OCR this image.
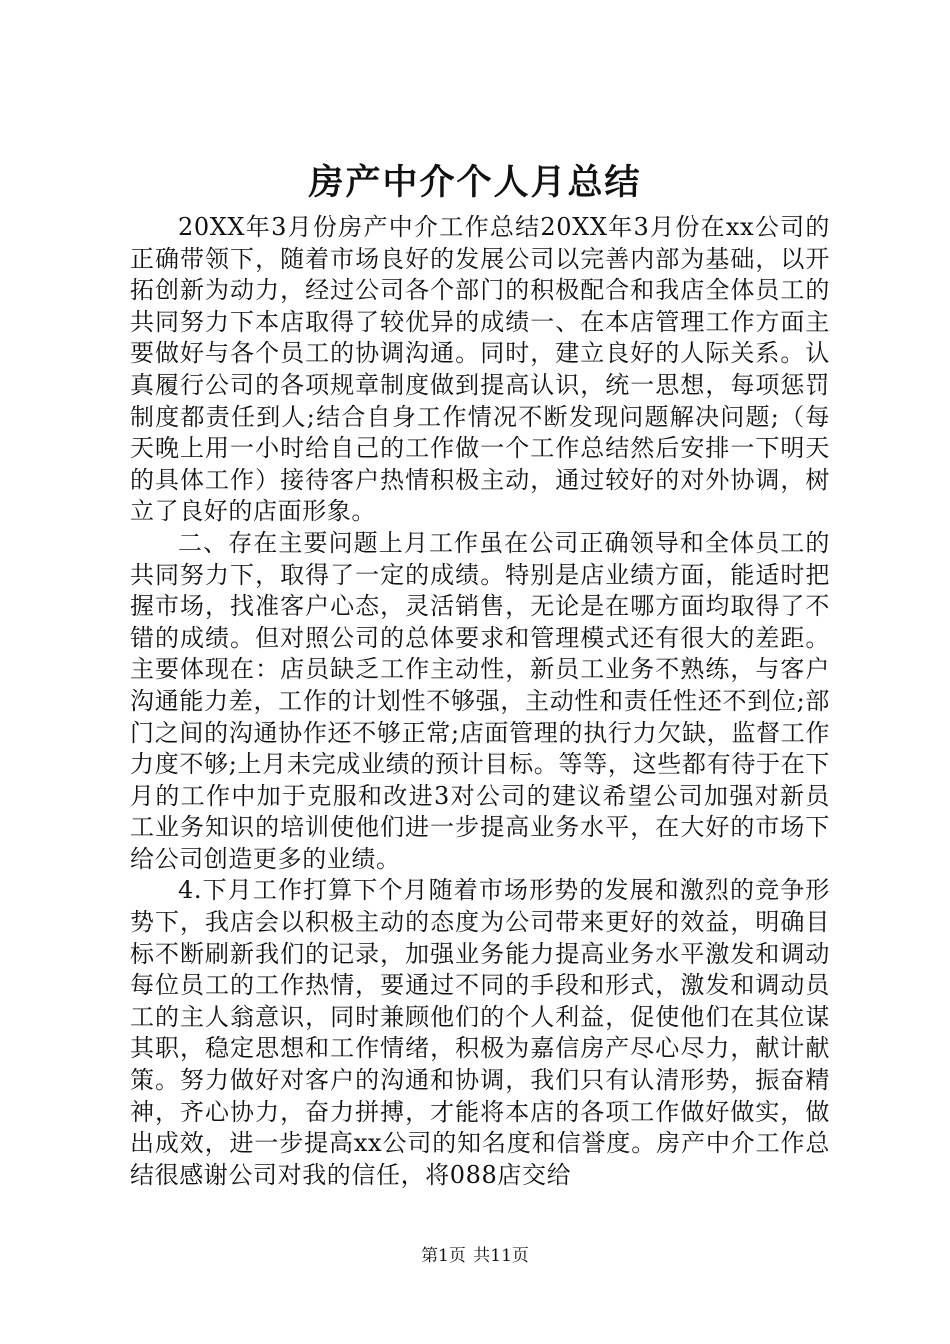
房产中介个人月总结

20XX年3月份房产中介工作总结20XX年3月份在xx公司的正确带领下，随着市场良好的发展公司以完善内部为基础，以开拓创新为动力，经过公司各个部门的积极配合和我店全体员工的共同努力下本店取得了较优异的成绩一、在本店管理工作方面主要做好与各个员工的协调沟通。同时，建立良好的人际关系。认真履行公司的各项规章制度做到提高认识，统一思想，每项惩罚制度都责任到人;结合自身工作情况不断发现问题解决问题;（每天晚上用一小时给自己的工作做一个工作总结然后安排一下明天的具体工作）接待客户热情积极主动，通过较好的对外协调，树立了良好的店面形象。

二、存在主要问题上月工作虽在公司正确领导和全体员工的共同努力下，取得了一定的成绩。特别是店业绩方面，能适时把握市场，找准客户心态，灵活销售，无论是在哪方面均取得了不错的成绩。但对照公司的总体要求和管理模式还有很大的差距。主要体现在：店员缺乏工作主动性，新员工业务不熟练，与客户沟通能力差，工作的计划性不够强，主动性和责任性还不到位;部门之间的沟通协作还不够正常;店面管理的执行力欠缺，监督工作力度不够;上月未完成业绩的预计目标。等等，这些都有待于在下月的工作中加于克服和改进3对公司的建议希望公司加强对新员工业务知识的培训使他们进一步提高业务水平，在大好的市场下给公司创造更多的业绩。

4.下月工作打算下个月随着市场形势的发展和激烈的竞争形势下，我店会以积极主动的态度为公司带来更好的效益，明确目标不断刷新我们的记录，加强业务能力提高业务水平激发和调动每位员工的工作热情，要通过不同的手段和形式，激发和调动员工的主人翁意识，同时兼顾他们的个人利益，促使他们在其位谋其职，稳定思想和工作情绪，积极为嘉信房产尽心尽力，献计献策。努力做好对客户的沟通和协调，我们只有认清形势，振奋精神，齐心协力，奋力拼搏，才能将本店的各项工作做好做实，做出成效，进一步提高xx公司的知名度和信誉度。房产中介工作总结很感谢公司对我的信任，将088店交给

第1页 共11页
